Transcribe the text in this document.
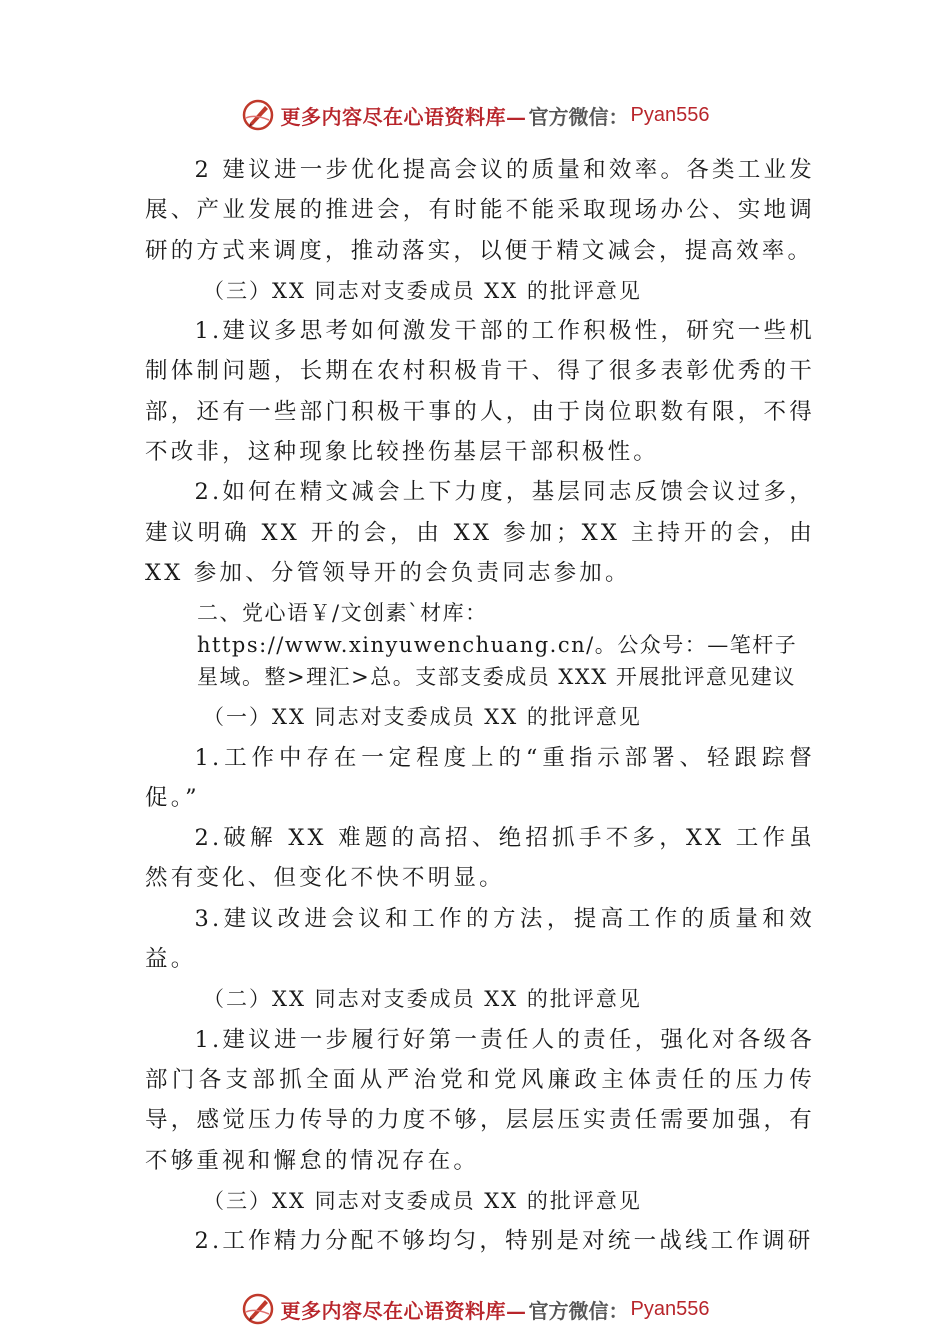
更多内容尽在心语资料库— 官方微信： Pyan556

2 建议进一步优化提高会议的质量和效率。各类工业发展、产业发展的推进会，有时能不能采取现场办公、实地调研的方式来调度，推动落实，以便于精文减会，提高效率。

（三）XX 同志对支委成员 XX 的批评意见

1.建议多思考如何激发干部的工作积极性，研究一些机制体制问题，长期在农村积极肯干、得了很多表彰优秀的干部，还有一些部门积极干事的人，由于岗位职数有限，不得不改非，这种现象比较挫伤基层干部积极性。

2.如何在精文减会上下力度，基层同志反馈会议过多，建议明确 XX 开的会，由 XX 参加；XX 主持开的会，由 XX 参加、分管领导开的会负责同志参加。

二、党心语￥/文创素`材库：https://www.xinyuwenchuang.cn/。公众号：—笔杆子星域。整>理汇>总。支部支委成员 XXX 开展批评意见建议

（一）XX 同志对支委成员 XX 的批评意见

1.工作中存在一定程度上的“重指示部署、轻跟踪督促。”

2.破解 XX 难题的高招、绝招抓手不多，XX 工作虽然有变化、但变化不快不明显。

3.建议改进会议和工作的方法，提高工作的质量和效益。

（二）XX 同志对支委成员 XX 的批评意见

1.建议进一步履行好第一责任人的责任，强化对各级各部门各支部抓全面从严治党和党风廉政主体责任的压力传导，感觉压力传导的力度不够，层层压实责任需要加强，有不够重视和懈怠的情况存在。

（三）XX 同志对支委成员 XX 的批评意见

2.工作精力分配不够均匀，特别是对统一战线工作调研

更多内容尽在心语资料库— 官方微信： Pyan556
